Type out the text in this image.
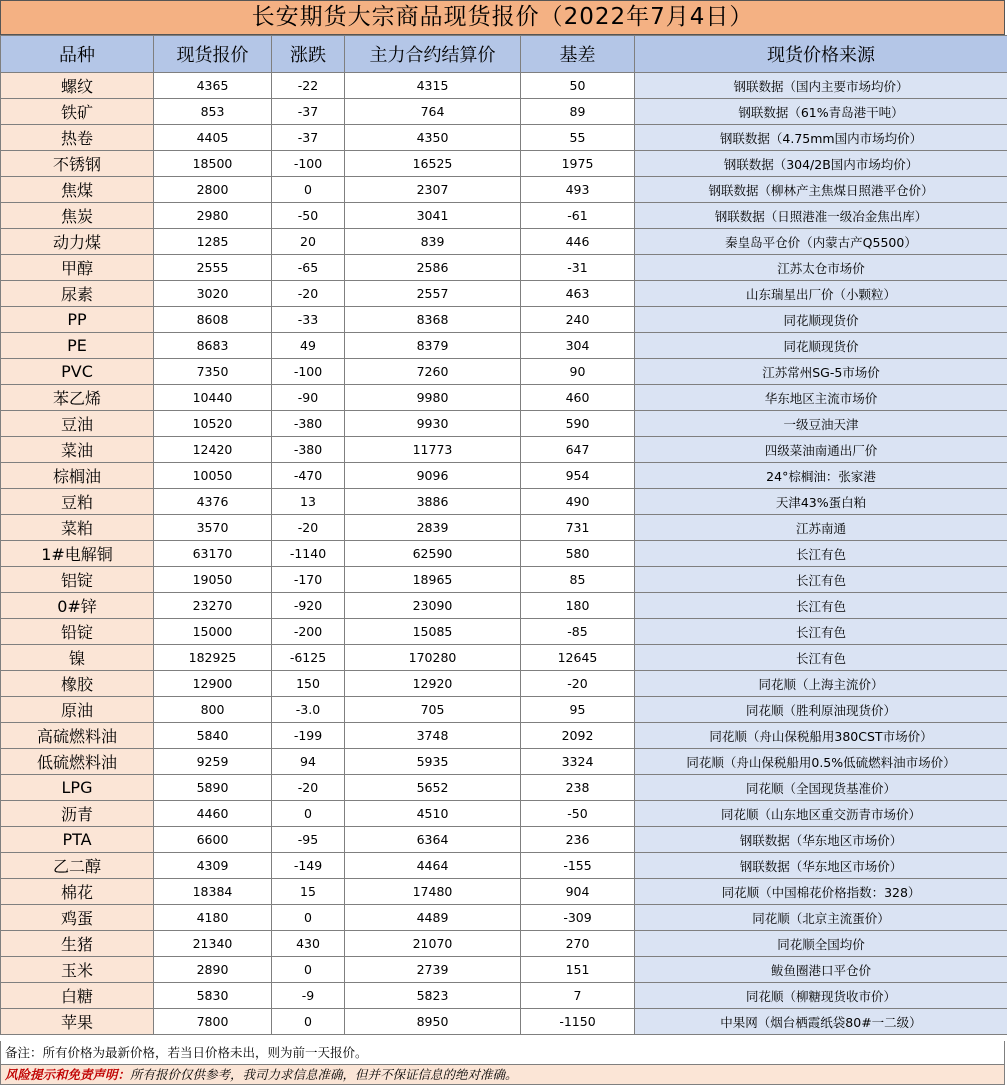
长安期货大宗商品现货报价（2022年7月4日）
品种	现货报价	涨跌	主力合约结算价	基差	现货价格来源
螺纹	4365	-22	4315	50	钢联数据（国内主要市场均价）
铁矿	853	-37	764	89	钢联数据（61%青岛港干吨）
热卷	4405	-37	4350	55	钢联数据（4.75mm国内市场均价）
不锈钢	18500	-100	16525	1975	钢联数据（304/2B国内市场均价）
焦煤	2800	0	2307	493	钢联数据（柳林产主焦煤日照港平仓价）
焦炭	2980	-50	3041	-61	钢联数据（日照港准一级冶金焦出库）
动力煤	1285	20	839	446	秦皇岛平仓价（内蒙古产Q5500）
甲醇	2555	-65	2586	-31	江苏太仓市场价
尿素	3020	-20	2557	463	山东瑞星出厂价（小颗粒）
PP	8608	-33	8368	240	同花顺现货价
PE	8683	49	8379	304	同花顺现货价
PVC	7350	-100	7260	90	江苏常州SG-5市场价
苯乙烯	10440	-90	9980	460	华东地区主流市场价
豆油	10520	-380	9930	590	一级豆油天津
菜油	12420	-380	11773	647	四级菜油南通出厂价
棕榈油	10050	-470	9096	954	24°棕榈油：张家港
豆粕	4376	13	3886	490	天津43%蛋白粕
菜粕	3570	-20	2839	731	江苏南通
1#电解铜	63170	-1140	62590	580	长江有色
铝锭	19050	-170	18965	85	长江有色
0#锌	23270	-920	23090	180	长江有色
铅锭	15000	-200	15085	-85	长江有色
镍	182925	-6125	170280	12645	长江有色
橡胶	12900	150	12920	-20	同花顺（上海主流价）
原油	800	-3.0	705	95	同花顺（胜利原油现货价）
高硫燃料油	5840	-199	3748	2092	同花顺（舟山保税船用380CST市场价）
低硫燃料油	9259	94	5935	3324	同花顺（舟山保税船用0.5%低硫燃料油市场价）
LPG	5890	-20	5652	238	同花顺（全国现货基准价）
沥青	4460	0	4510	-50	同花顺（山东地区重交沥青市场价）
PTA	6600	-95	6364	236	钢联数据（华东地区市场价）
乙二醇	4309	-149	4464	-155	钢联数据（华东地区市场价）
棉花	18384	15	17480	904	同花顺（中国棉花价格指数：328）
鸡蛋	4180	0	4489	-309	同花顺（北京主流蛋价）
生猪	21340	430	21070	270	同花顺全国均价
玉米	2890	0	2739	151	鲅鱼圈港口平仓价
白糖	5830	-9	5823	7	同花顺（柳糖现货收市价）
苹果	7800	0	8950	-1150	中果网（烟台栖霞纸袋80#一二级）
备注：所有价格为最新价格，若当日价格未出，则为前一天报价。
风险提示和免责声明：所有报价仅供参考，我司力求信息准确，但并不保证信息的绝对准确。
